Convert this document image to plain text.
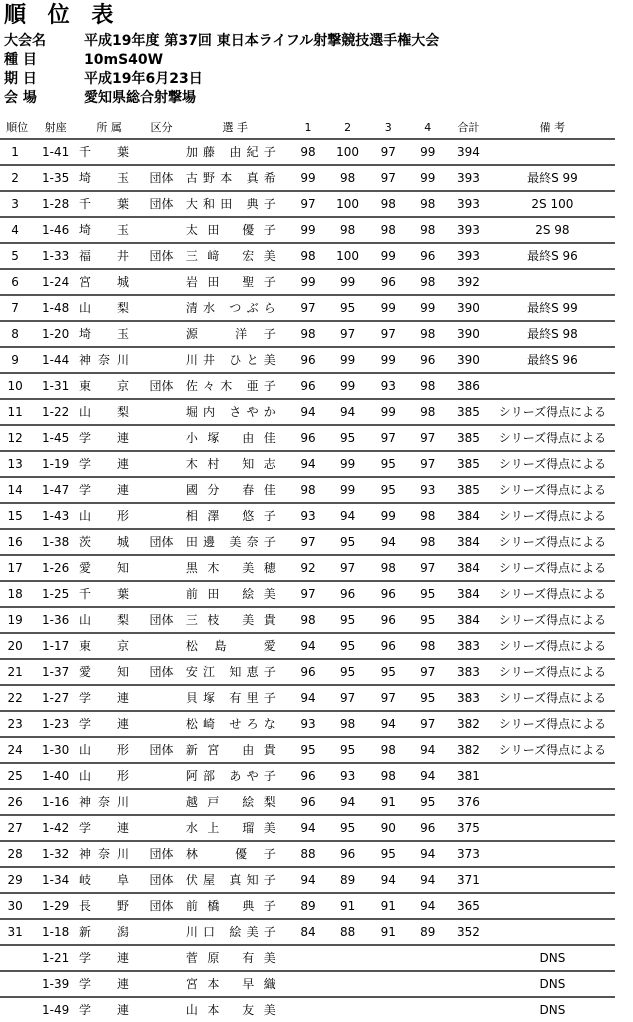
順 位 表
大会名	平成19年度 第37回 東日本ライフル射撃競技選手権大会
種 目	10mS40W
期 日	平成19年6月23日
会 場	愛知県総合射撃場
順位	射座	所 属	区分	選 手	1	2	3	4	合計	備 考
1	1-41	千葉		加藤 由紀子	98	100	97	99	394	
2	1-35	埼玉	団体	古野本 真希	99	98	97	99	393	最終S 99
3	1-28	千葉	団体	大和田 典子	97	100	98	98	393	2S 100
4	1-46	埼玉		太田 優子	99	98	98	98	393	2S 98
5	1-33	福井	団体	三﨑 宏美	98	100	99	96	393	最終S 96
6	1-24	宮城		岩田 聖子	99	99	96	98	392	
7	1-48	山梨		清水 つぶら	97	95	99	99	390	最終S 99
8	1-20	埼玉		源 洋子	98	97	97	98	390	最終S 98
9	1-44	神奈川		川井 ひと美	96	99	99	96	390	最終S 96
10	1-31	東京	団体	佐々木 亜子	96	99	93	98	386	
11	1-22	山梨		堀内 さやか	94	94	99	98	385	シリーズ得点による
12	1-45	学連		小塚 由佳	96	95	97	97	385	シリーズ得点による
13	1-19	学連		木村 知志	94	99	95	97	385	シリーズ得点による
14	1-47	学連		國分 春佳	98	99	95	93	385	シリーズ得点による
15	1-43	山形		相澤 悠子	93	94	99	98	384	シリーズ得点による
16	1-38	茨城	団体	田邊 美奈子	97	95	94	98	384	シリーズ得点による
17	1-26	愛知		黒木 美穂	92	97	98	97	384	シリーズ得点による
18	1-25	千葉		前田 絵美	97	96	96	95	384	シリーズ得点による
19	1-36	山梨	団体	三枝 美貴	98	95	96	95	384	シリーズ得点による
20	1-17	東京		松島 愛	94	95	96	98	383	シリーズ得点による
21	1-37	愛知	団体	安江 知恵子	96	95	95	97	383	シリーズ得点による
22	1-27	学連		貝塚 有里子	94	97	97	95	383	シリーズ得点による
23	1-23	学連		松崎 せろな	93	98	94	97	382	シリーズ得点による
24	1-30	山形	団体	新宮 由貴	95	95	98	94	382	シリーズ得点による
25	1-40	山形		阿部 あや子	96	93	98	94	381	
26	1-16	神奈川		越戸 絵梨	96	94	91	95	376	
27	1-42	学連		水上 瑠美	94	95	90	96	375	
28	1-32	神奈川	団体	林 優子	88	96	95	94	373	
29	1-34	岐阜	団体	伏屋 真知子	94	89	94	94	371	
30	1-29	長野	団体	前橋 典子	89	91	91	94	365	
31	1-18	新潟		川口 絵美子	84	88	91	89	352	
	1-21	学連		菅原 有美						DNS
	1-39	学連		宮本 早織						DNS
	1-49	学連		山本 友美						DNS
